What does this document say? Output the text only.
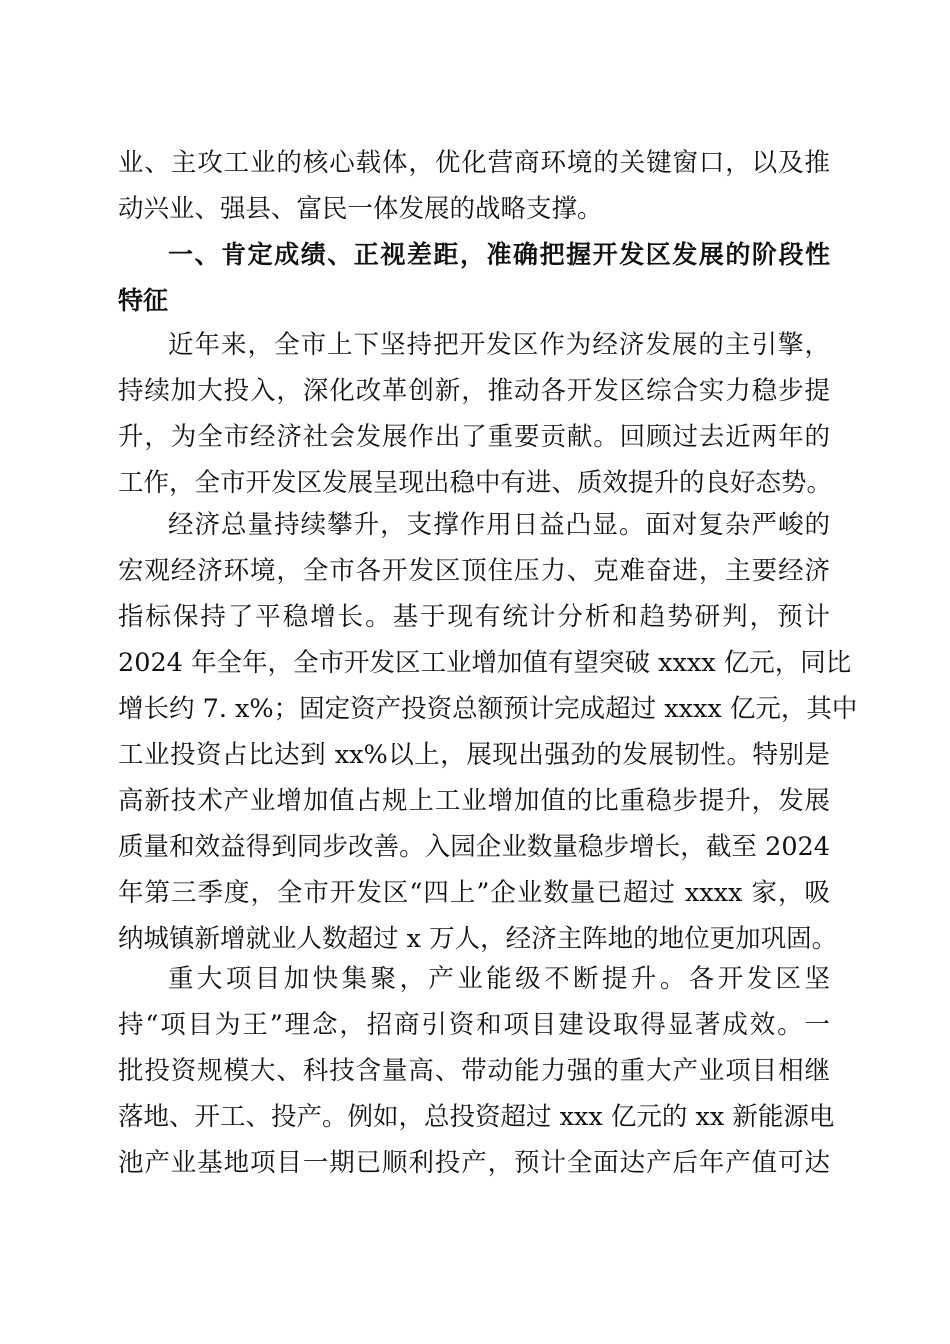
业、主攻工业的核心载体，优化营商环境的关键窗口，以及推
动兴业、强县、富民一体发展的战略支撑。
一、肯定成绩、正视差距，准确把握开发区发展的阶段性
特征
近年来，全市上下坚持把开发区作为经济发展的主引擎，
持续加大投入，深化改革创新，推动各开发区综合实力稳步提
升，为全市经济社会发展作出了重要贡献。回顾过去近两年的
工作，全市开发区发展呈现出稳中有进、质效提升的良好态势。
经济总量持续攀升，支撑作用日益凸显。面对复杂严峻的
宏观经济环境，全市各开发区顶住压力、克难奋进，主要经济
指标保持了平稳增长。基于现有统计分析和趋势研判，预计
2024 年全年，全市开发区工业增加值有望突破 xxxx 亿元，同比
增长约 7. x%；固定资产投资总额预计完成超过 xxxx 亿元，其中
工业投资占比达到 xx%以上，展现出强劲的发展韧性。特别是
高新技术产业增加值占规上工业增加值的比重稳步提升，发展
质量和效益得到同步改善。入园企业数量稳步增长，截至 2024
年第三季度，全市开发区“四上”企业数量已超过 xxxx 家，吸
纳城镇新增就业人数超过 x 万人，经济主阵地的地位更加巩固。
重大项目加快集聚，产业能级不断提升。各开发区坚
持“项目为王”理念，招商引资和项目建设取得显著成效。一
批投资规模大、科技含量高、带动能力强的重大产业项目相继
落地、开工、投产。例如，总投资超过 xxx 亿元的 xx 新能源电
池产业基地项目一期已顺利投产，预计全面达产后年产值可达
